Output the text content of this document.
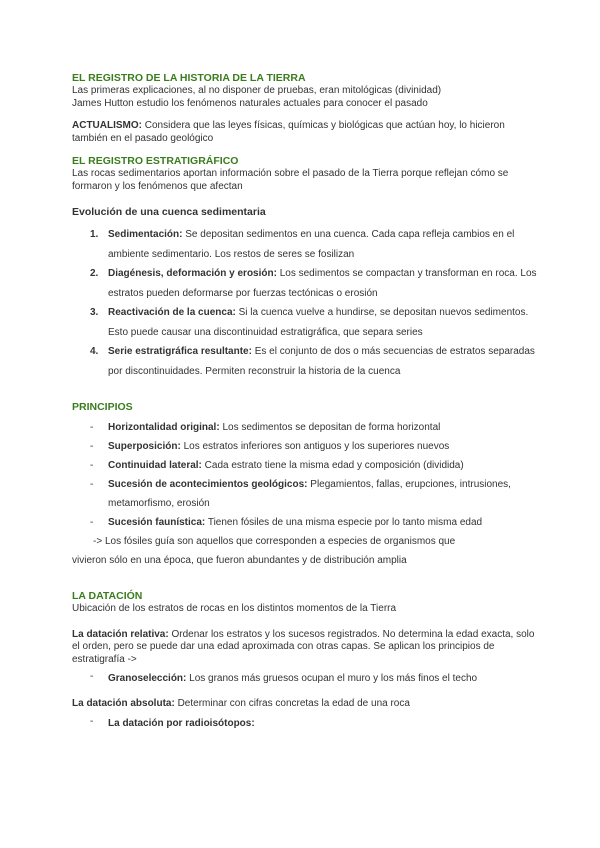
EL REGISTRO DE LA HISTORIA DE LA TIERRA

Las primeras explicaciones, al no disponer de pruebas, eran mitológicas (divinidad)

James Hutton estudio los fenómenos naturales actuales para conocer el pasado

ACTUALISMO: Considera que las leyes físicas, químicas y biológicas que actúan hoy, lo hicieron también en el pasado geológico

EL REGISTRO ESTRATIGRÁFICO

Las rocas sedimentarios aportan información sobre el pasado de la Tierra porque reflejan cómo se formaron y los fenómenos que afectan

Evolución de una cuenca sedimentaria
1. Sedimentación: Se depositan sedimentos en una cuenca. Cada capa refleja cambios en el ambiente sedimentario. Los restos de seres se fosilizan
2. Diagénesis, deformación y erosión: Los sedimentos se compactan y transforman en roca. Los estratos pueden deformarse por fuerzas tectónicas o erosión
3. Reactivación de la cuenca: Si la cuenca vuelve a hundirse, se depositan nuevos sedimentos. Esto puede causar una discontinuidad estratigráfica, que separa series
4. Serie estratigráfica resultante: Es el conjunto de dos o más secuencias de estratos separadas por discontinuidades. Permiten reconstruir la historia de la cuenca
PRINCIPIOS
- Horizontalidad original: Los sedimentos se depositan de forma horizontal
- Superposición: Los estratos inferiores son antiguos y los superiores nuevos
- Continuidad lateral: Cada estrato tiene la misma edad y composición (dividida)
- Sucesión de acontecimientos geológicos: Plegamientos, fallas, erupciones, intrusiones, metamorfismo, erosión
- Sucesión faunística: Tienen fósiles de una misma especie por lo tanto misma edad

-> Los fósiles guía son aquellos que corresponden a especies de organismos que

vivieron sólo en una época, que fueron abundantes y de distribución amplia

LA DATACIÓN

Ubicación de los estratos de rocas en los distintos momentos de la Tierra

La datación relativa: Ordenar los estratos y los sucesos registrados. No determina la edad exacta, solo el orden, pero se puede dar una edad aproximada con otras capas. Se aplican los principios de estratigrafía ->

- Granoselección: Los granos más gruesos ocupan el muro y los más finos el techo

La datación absoluta: Determinar con cifras concretas la edad de una roca

- La datación por radioisótopos:
